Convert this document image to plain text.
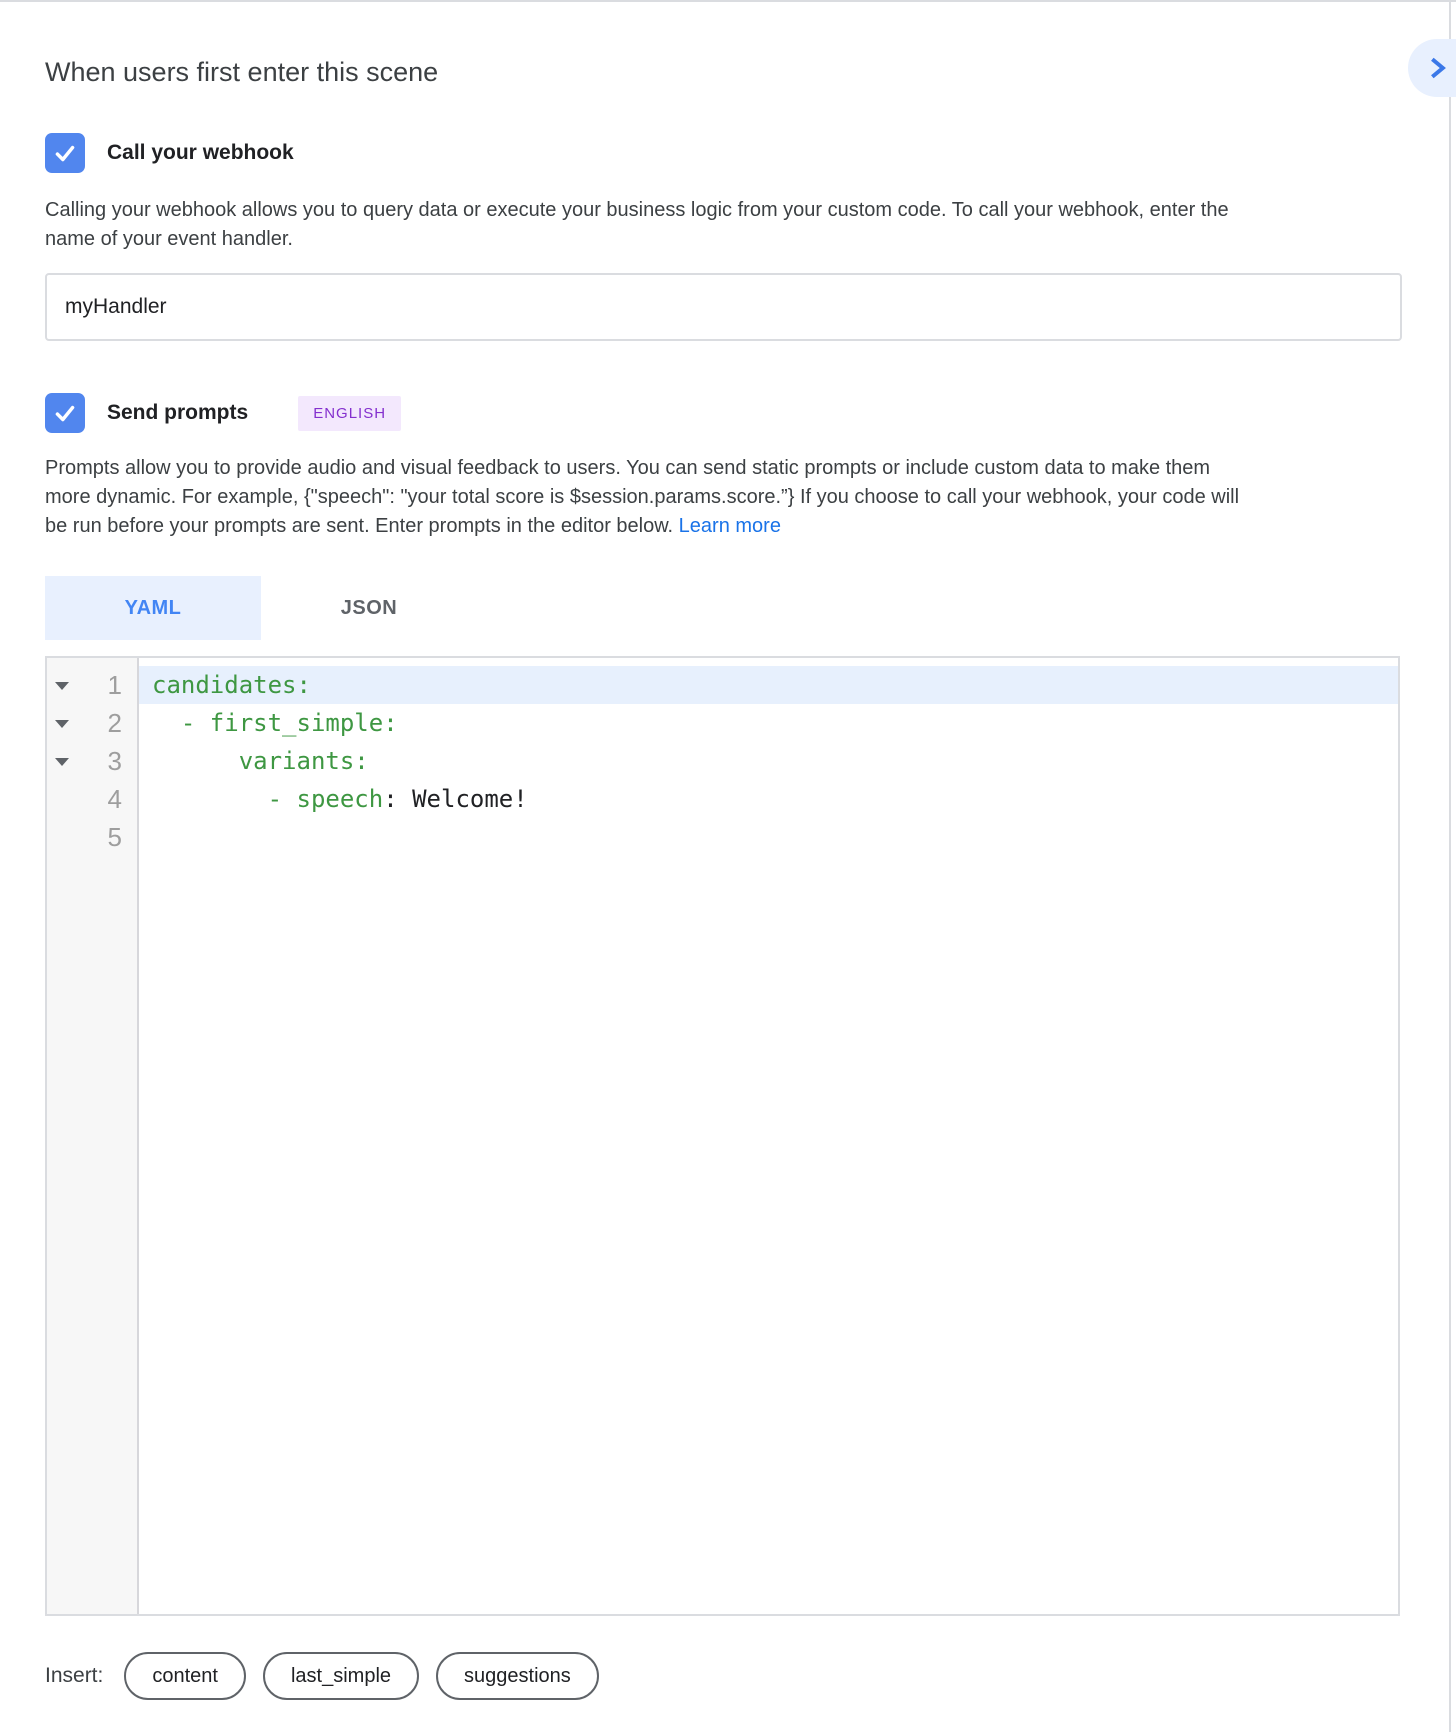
When users first enter this scene
Call your webhook

Calling your webhook allows you to query data or execute your business logic from your custom code. To call your webhook, enter the name of your event handler.

myHandler
Send prompts	ENGLISH

Prompts allow you to provide audio and visual feedback to users. You can send static prompts or include custom data to make them more dynamic. For example, {"speech": "your total score is $session.params.score.”} If you choose to call your webhook, your code will be run before your prompts are sent. Enter prompts in the editor below. Learn more

YAML	JSON
1
2
3
4
5
candidates:
- first_simple:
variants:
- speech: Welcome!
Insert:	content	last_simple	suggestions
